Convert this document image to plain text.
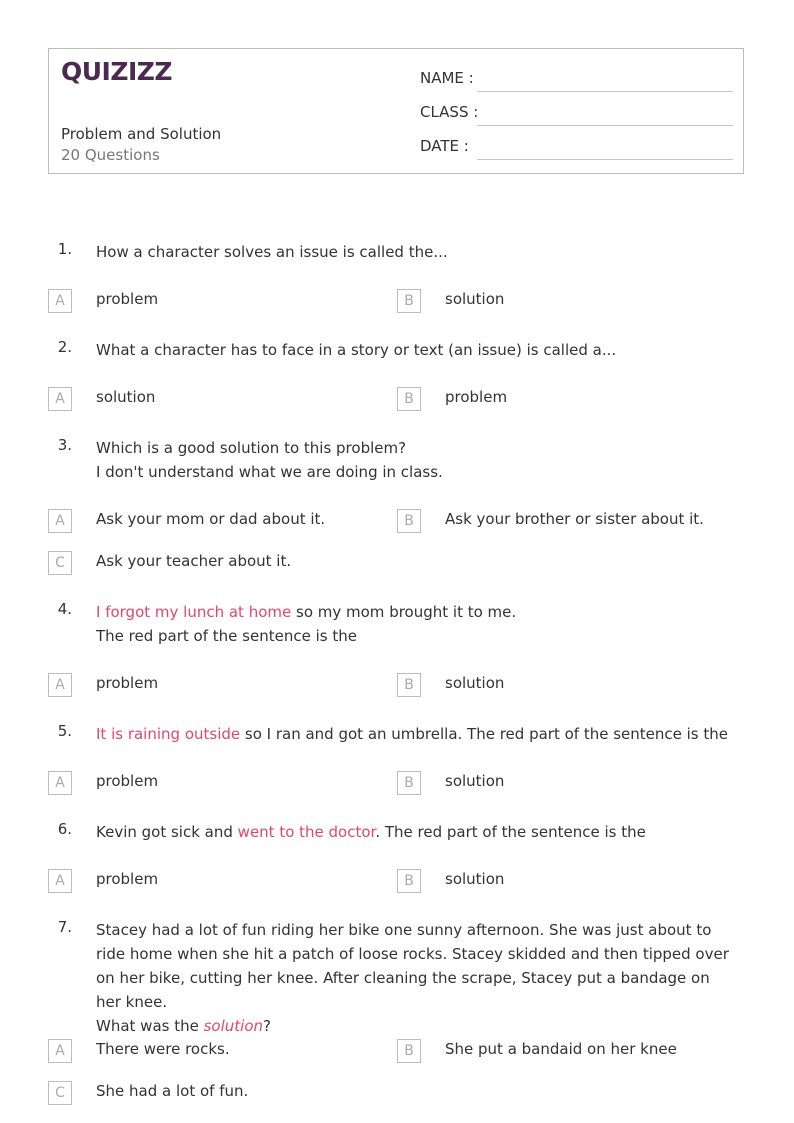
QUIZIZZ
Problem and Solution
20 Questions
NAME :
CLASS :
DATE :
1. How a character solves an issue is called the...
A	problem	B	solution
2. What a character has to face in a story or text (an issue) is called a...
A	solution	B	problem
3. Which is a good solution to this problem?
I don't understand what we are doing in class.
A	Ask your mom or dad about it.	B	Ask your brother or sister about it.
C	Ask your teacher about it.
4. I forgot my lunch at home so my mom brought it to me.
The red part of the sentence is the
A	problem	B	solution
5. It is raining outside so I ran and got an umbrella. The red part of the sentence is the
A	problem	B	solution
6. Kevin got sick and went to the doctor. The red part of the sentence is the
A	problem	B	solution
7. Stacey had a lot of fun riding her bike one sunny afternoon. She was just about to ride home when she hit a patch of loose rocks. Stacey skidded and then tipped over on her bike, cutting her knee. After cleaning the scrape, Stacey put a bandage on her knee.
What was the solution?
A	There were rocks.	B	She put a bandaid on her knee
C	She had a lot of fun.
